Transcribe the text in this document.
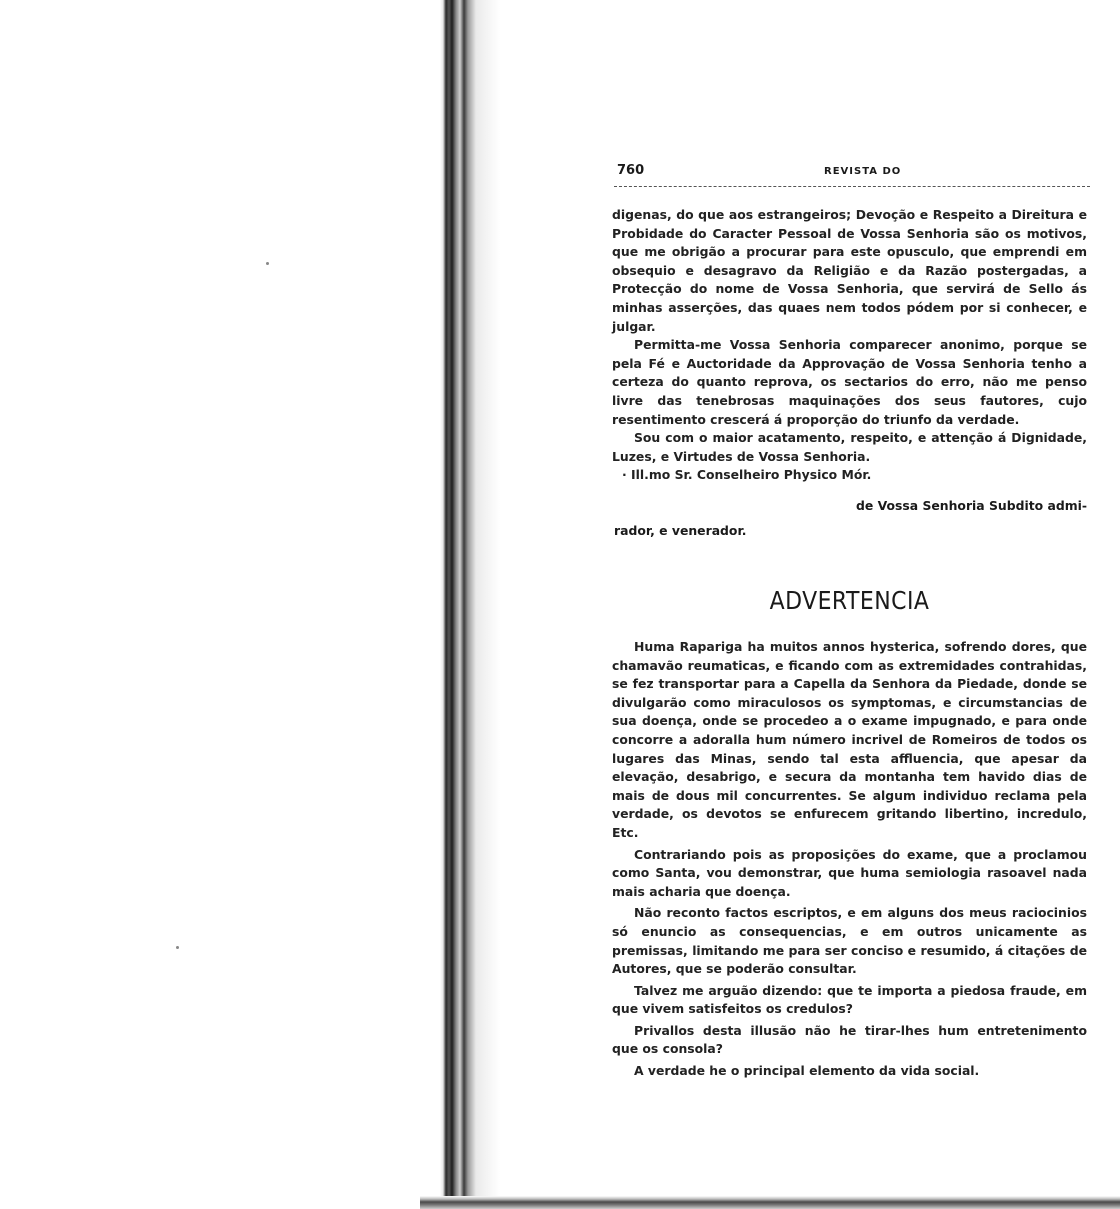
760	REVISTA DO

digenas, do que aos estrangeiros; Devoção e Respeito a Direitura e Probidade do Caracter Pessoal de Vossa Senhoria são os motivos, que me obrigão a procurar para este opusculo, que emprendi em obsequio e desagravo da Religião e da Razão postergadas, a Protecção do nome de Vossa Senhoria, que servirá de Sello ás minhas asserções, das quaes nem todos pódem por si conhecer, e julgar.

Permitta-me Vossa Senhoria comparecer anonimo, porque se pela Fé e Auctoridade da Approvação de Vossa Senhoria tenho a certeza do quanto reprova, os sectarios do erro, não me penso livre das tenebrosas maquinações dos seus fautores, cujo resentimento crescerá á proporção do triunfo da verdade.

Sou com o maior acatamento, respeito, e attenção á Dignidade, Luzes, e Virtudes de Vossa Senhoria.

· Ill.mo Sr. Conselheiro Physico Mór.

de Vossa Senhoria Subdito admi-
rador, e venerador.
ADVERTENCIA

Huma Rapariga ha muitos annos hysterica, sofrendo dores, que chamavão reumaticas, e ficando com as extremidades contrahidas, se fez transportar para a Capella da Senhora da Piedade, donde se divulgarão como miraculosos os symptomas, e circumstancias de sua doença, onde se procedeo a o exame impugnado, e para onde concorre a adoralla hum número incrivel de Romeiros de todos os lugares das Minas, sendo tal esta affluencia, que apesar da elevação, desabrigo, e secura da montanha tem havido dias de mais de dous mil concurrentes. Se algum individuo reclama pela verdade, os devotos se enfurecem gritando libertino, incredulo, Etc.

Contrariando pois as proposições do exame, que a proclamou como Santa, vou demonstrar, que huma semiologia rasoavel nada mais acharia que doença.

Não reconto factos escriptos, e em alguns dos meus raciocinios só enuncio as consequencias, e em outros unicamente as premissas, limitando me para ser conciso e resumido, á citações de Autores, que se poderão consultar.

Talvez me arguão dizendo: que te importa a piedosa fraude, em que vivem satisfeitos os credulos?

Privallos desta illusão não he tirar-lhes hum entretenimento que os consola?

A verdade he o principal elemento da vida social.
